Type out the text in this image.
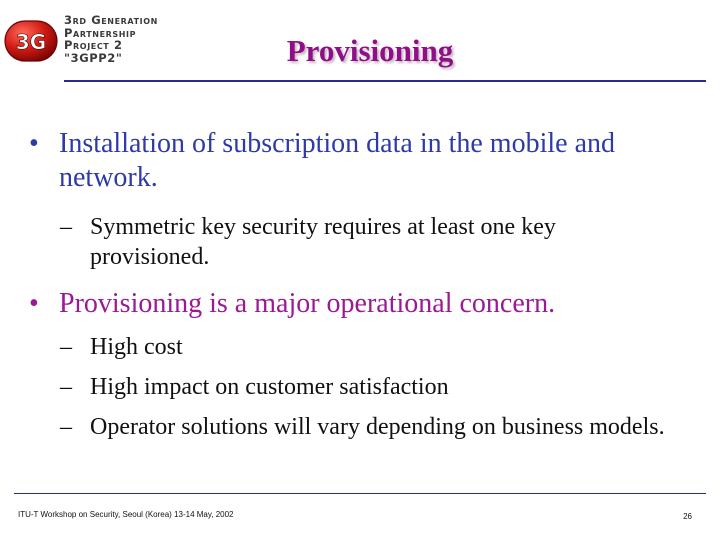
3G
3rd Generation
Partnership
Project 2
"3GPP2"	Provisioning
• Installation of subscription data in the mobile and network.
– Symmetric key security requires at least one key provisioned.
• Provisioning is a major operational concern.
– High cost
– High impact on customer satisfaction
– Operator solutions will vary depending on business models.
ITU-T Workshop on Security, Seoul (Korea) 13-14 May, 2002	26
